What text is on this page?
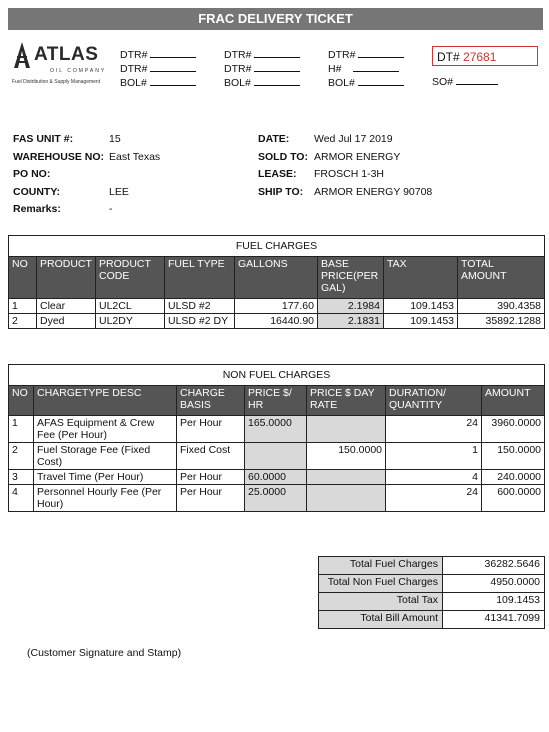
FRAC DELIVERY TICKET
ATLAS
OIL COMPANY
Fuel Distribution & Supply Management
DTR#
DTR#
BOL#
DTR#
DTR#
BOL#
DTR#
H#
BOL#
DT# 27681
SO#
FAS UNIT #:	15
WAREHOUSE NO: East Texas
PO NO:
COUNTY:	LEE
Remarks:	-
DATE: Wed Jul 17 2019
SOLD TO: ARMOR ENERGY
LEASE: FROSCH 1-3H
SHIP TO: ARMOR ENERGY 90708
FUEL CHARGES							
NO	PRODUCT	PRODUCT CODE	FUEL TYPE	GALLONS	BASE PRICE(PER GAL)	TAX	TOTAL AMOUNT
1	Clear	UL2CL	ULSD #2	177.60	2.1984	109.1453	390.4358
2	Dyed	UL2DY	ULSD #2 DY	16440.90	2.1831	109.1453	35892.1288
NON FUEL CHARGES						
NO	CHARGETYPE DESC	CHARGE BASIS	PRICE $/ HR	PRICE $ DAY RATE	DURATION/ QUANTITY	AMOUNT
1	AFAS Equipment & Crew Fee (Per Hour)	Per Hour	165.0000		24	3960.0000
2	Fuel Storage Fee (Fixed Cost)	Fixed Cost		150.0000	1	150.0000
3	Travel Time (Per Hour)	Per Hour	60.0000		4	240.0000
4	Personnel Hourly Fee (Per Hour)	Per Hour	25.0000		24	600.0000
Total Fuel Charges	36282.5646
Total Non Fuel Charges	4950.0000
Total Tax	109.1453
Total Bill Amount	41341.7099
(Customer Signature and Stamp)
